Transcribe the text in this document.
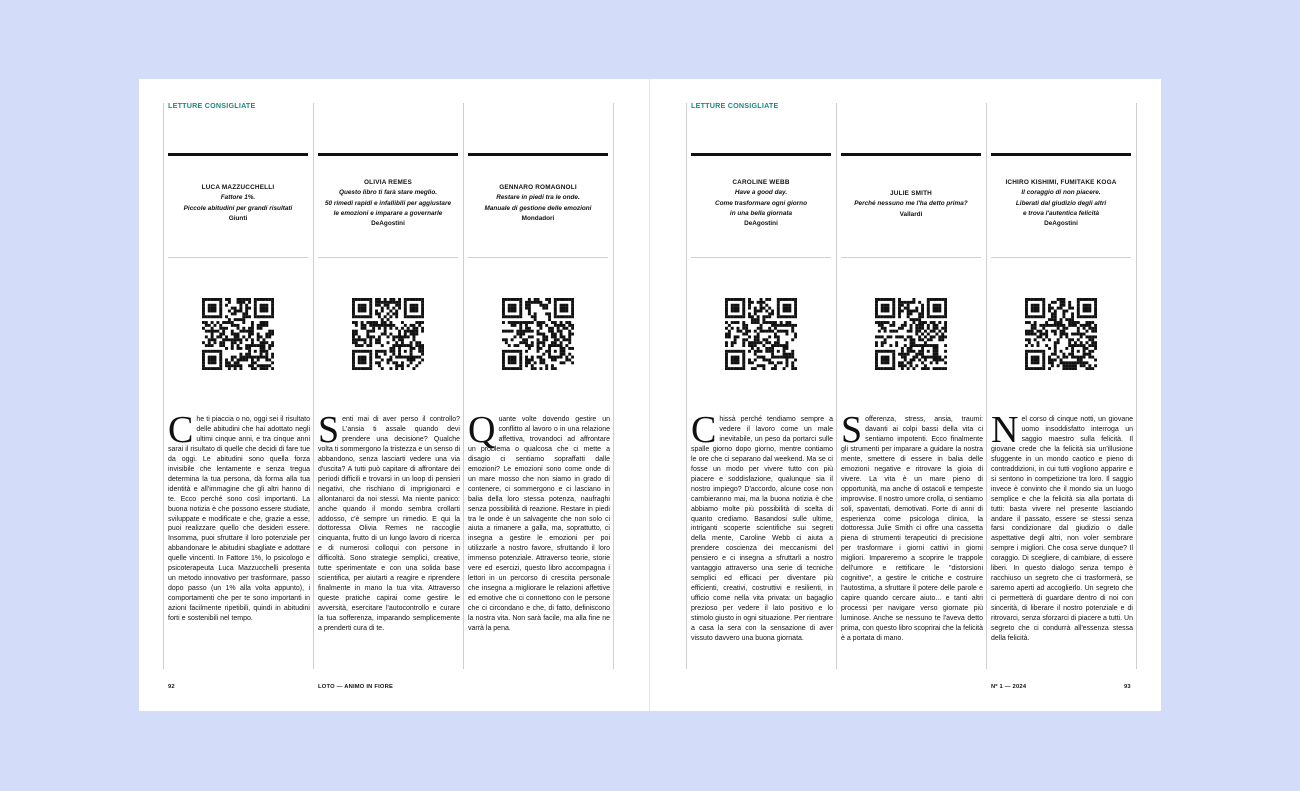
LETTURE CONSIGLIATE
LUCA MAZZUCCHELLI
Fattore 1%.
Piccole abitudini per grandi risultati
Giunti
Che ti piaccia o no, oggi sei il risultato delle abitudini che hai adottato negli ultimi cinque anni, e tra cinque anni sarai il risultato di quelle che decidi di fare tue da oggi. Le abitudini sono quella forza invisibile che lentamente e senza tregua determina la tua persona, dà forma alla tua identità e all'immagine che gli altri hanno di te. Ecco perché sono così importanti. La buona notizia è che possono essere studiate, sviluppate e modificate e che, grazie a esse, puoi realizzare quello che desideri essere. Insomma, puoi sfruttare il loro potenziale per abbandonare le abitudini sbagliate e adottare quelle vincenti. In Fattore 1%, lo psicologo e psicoterapeuta Luca Mazzucchelli presenta un metodo innovativo per trasformare, passo dopo passo (un 1% alla volta appunto), i comportamenti che per te sono importanti in azioni facilmente ripetibili, quindi in abitudini forti e sostenibili nel tempo.
OLIVIA REMES
Questo libro ti farà stare meglio.
50 rimedi rapidi e infallibili per aggiustare
le emozioni e imparare a governarle
DeAgostini
Senti mai di aver perso il controllo? L'ansia ti assale quando devi prendere una decisione? Qualche volta ti sommergono la tristezza e un senso di abbandono, senza lasciarti vedere una via d'uscita? A tutti può capitare di affrontare dei periodi difficili e trovarsi in un loop di pensieri negativi, che rischiano di imprigionarci e allontanarci da noi stessi. Ma niente panico: anche quando il mondo sembra crollarti addosso, c'è sempre un rimedio. E qui la dottoressa Olivia Remes ne raccoglie cinquanta, frutto di un lungo lavoro di ricerca e di numerosi colloqui con persone in difficoltà. Sono strategie semplici, creative, tutte sperimentate e con una solida base scientifica, per aiutarti a reagire e riprendere finalmente in mano la tua vita. Attraverso queste pratiche capirai come gestire le avversità, esercitare l'autocontrollo e curare la tua sofferenza, imparando semplicemente a prenderti cura di te.
GENNARO ROMAGNOLI
Restare in piedi tra le onde.
Manuale di gestione delle emozioni
Mondadori
Quante volte dovendo gestire un conflitto al lavoro o in una relazione affettiva, trovandoci ad affrontare un problema o qualcosa che ci mette a disagio ci sentiamo sopraffatti dalle emozioni? Le emozioni sono come onde di un mare mosso che non siamo in grado di contenere, ci sommergono e ci lasciano in balia della loro stessa potenza, naufraghi senza possibilità di reazione. Restare in piedi tra le onde è un salvagente che non solo ci aiuta a rimanere a galla, ma, soprattutto, ci insegna a gestire le emozioni per poi utilizzarle a nostro favore, sfruttando il loro immenso potenziale. Attraverso teorie, storie vere ed esercizi, questo libro accompagna i lettori in un percorso di crescita personale che insegna a migliorare le relazioni affettive ed emotive che ci connettono con le persone che ci circondano e che, di fatto, definiscono la nostra vita. Non sarà facile, ma alla fine ne varrà la pena.
92	LOTO — ANIMO IN FIORE
LETTURE CONSIGLIATE
CAROLINE WEBB
Have a good day.
Come trasformare ogni giorno
in una bella giornata
DeAgostini
Chissà perché tendiamo sempre a vedere il lavoro come un male inevitabile, un peso da portarci sulle spalle giorno dopo giorno, mentre contiamo le ore che ci separano dal weekend. Ma se ci fosse un modo per vivere tutto con più piacere e soddisfazione, qualunque sia il nostro impiego? D'accordo, alcune cose non cambieranno mai, ma la buona notizia è che abbiamo molte più possibilità di scelta di quanto crediamo. Basandosi sulle ultime, intriganti scoperte scientifiche sui segreti della mente, Caroline Webb ci aiuta a prendere coscienza dei meccanismi del pensiero e ci insegna a sfruttarli a nostro vantaggio attraverso una serie di tecniche semplici ed efficaci per diventare più efficienti, creativi, costruttivi e resilienti, in ufficio come nella vita privata: un bagaglio prezioso per vedere il lato positivo e lo stimolo giusto in ogni situazione. Per rientrare a casa la sera con la sensazione di aver vissuto davvero una buona giornata.
JULIE SMITH
Perché nessuno me l'ha detto prima?
Vallardi
Sofferenza, stress, ansia, traumi: davanti ai colpi bassi della vita ci sentiamo impotenti. Ecco finalmente gli strumenti per imparare a guidare la nostra mente, smettere di essere in balia delle emozioni negative e ritrovare la gioia di vivere. La vita è un mare pieno di opportunità, ma anche di ostacoli e tempeste improvvise. Il nostro umore crolla, ci sentiamo soli, spaventati, demotivati. Forte di anni di esperienza come psicologa clinica, la dottoressa Julie Smith ci offre una cassetta piena di strumenti terapeutici di precisione per trasformare i giorni cattivi in giorni migliori. Impareremo a scoprire le trappole dell'umore e rettificare le "distorsioni cognitive", a gestire le critiche e costruire l'autostima, a sfruttare il potere delle parole e capire quando cercare aiuto... e tanti altri processi per navigare verso giornate più luminose. Anche se nessuno te l'aveva detto prima, con questo libro scoprirai che la felicità è a portata di mano.
ICHIRO KISHIMI, FUMITAKE KOGA
Il coraggio di non piacere.
Liberati dal giudizio degli altri
e trova l'autentica felicità
DeAgostini
Nel corso di cinque notti, un giovane uomo insoddisfatto interroga un saggio maestro sulla felicità. Il giovane crede che la felicità sia un'illusione sfuggente in un mondo caotico e pieno di contraddizioni, in cui tutti vogliono apparire e si sentono in competizione tra loro. Il saggio invece è convinto che il mondo sia un luogo semplice e che la felicità sia alla portata di tutti: basta vivere nel presente lasciando andare il passato, essere se stessi senza farsi condizionare dal giudizio o dalle aspettative degli altri, non voler sembrare sempre i migliori. Che cosa serve dunque? Il coraggio. Di scegliere, di cambiare, di essere liberi. In questo dialogo senza tempo è racchiuso un segreto che ci trasformerà, se saremo aperti ad accoglierlo. Un segreto che ci permetterà di guardare dentro di noi con sincerità, di liberare il nostro potenziale e di ritrovarci, senza sforzarci di piacere a tutti. Un segreto che ci condurrà all'essenza stessa della felicità.
Nº 1 — 2024	93
